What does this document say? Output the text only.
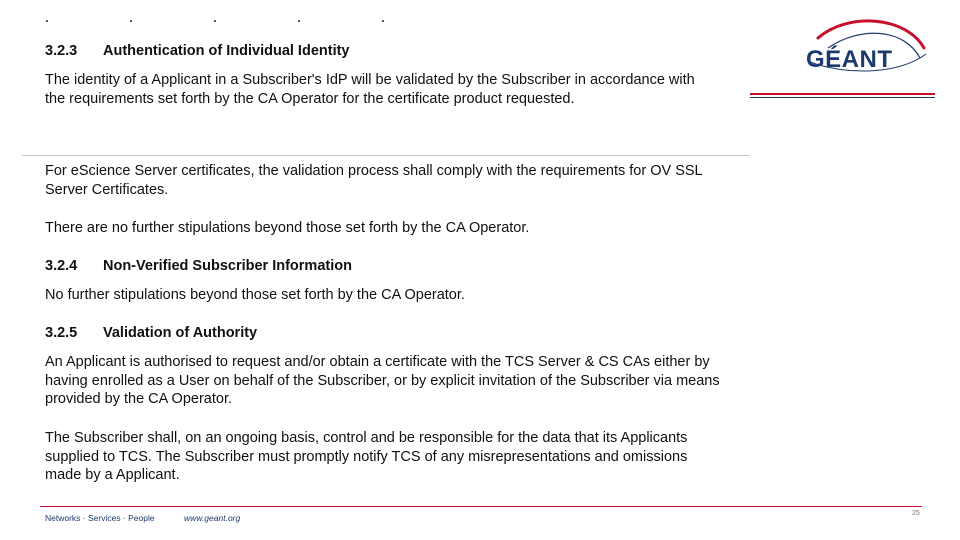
3.2.3 Authentication of Individual Identity

The identity of a Applicant in a Subscriber's IdP will be validated by the Subscriber in accordance with the requirements set forth by the CA Operator for the certificate product requested.

For eScience Server certificates, the validation process shall comply with the requirements for OV SSL Server Certificates.

There are no further stipulations beyond those set forth by the CA Operator.

3.2.4 Non-Verified Subscriber Information

No further stipulations beyond those set forth by the CA Operator.

3.2.5 Validation of Authority

An Applicant is authorised to request and/or obtain a certificate with the TCS Server & CS CAs either by having enrolled as a User on behalf of the Subscriber, or by explicit invitation of the Subscriber via means provided by the CA Operator.

The Subscriber shall, on an ongoing basis, control and be responsible for the data that its Applicants supplied to TCS. The Subscriber must promptly notify TCS of any misrepresentations and omissions made by a Applicant.

GÉANT
Networks · Services · People	www.geant.org	25
